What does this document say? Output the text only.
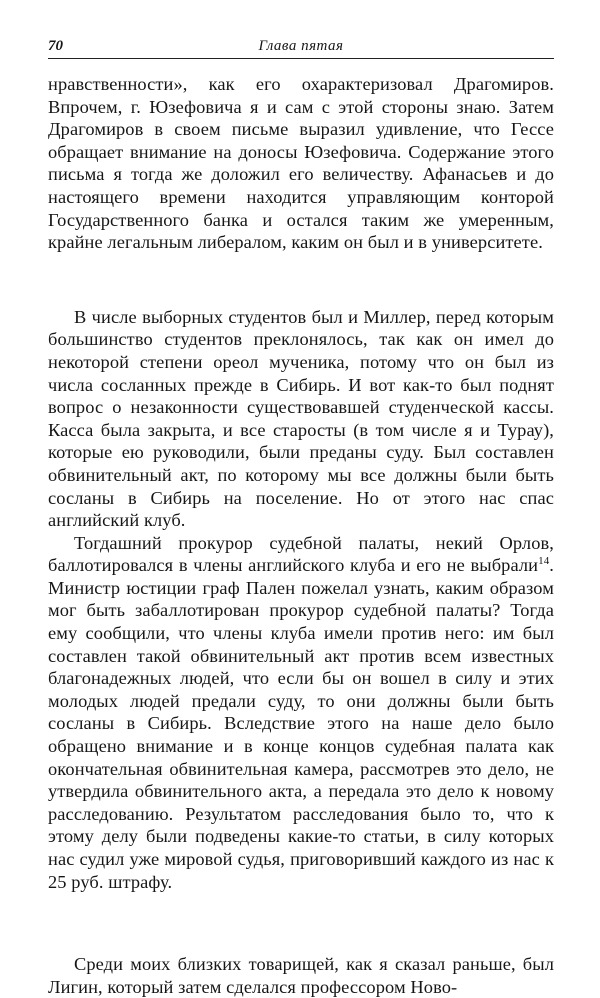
70	Глава пятая

нравственности», как его охарактеризовал Драгомиров. Впрочем, г. Юзефовича я и сам с этой стороны знаю. Затем Драгомиров в своем письме выразил удивление, что Гессе обращает внимание на доносы Юзефовича. Содержание этого письма я тогда же доложил его величеству. Афанасьев и до настоящего времени находится управляющим конторой Государственного банка и остался таким же умеренным, крайне легальным либералом, каким он был и в университете.

В числе выборных студентов был и Миллер, перед которым большинство студентов преклонялось, так как он имел до некоторой степени ореол мученика, потому что он был из числа сосланных прежде в Сибирь. И вот как-то был поднят вопрос о незаконности существовавшей студенческой кассы. Касса была закрыта, и все старосты (в том числе я и Турау), которые ею руководили, были преданы суду. Был составлен обвинительный акт, по которому мы все должны были быть сосланы в Сибирь на поселение. Но от этого нас спас английский клуб.

Тогдашний прокурор судебной палаты, некий Орлов, баллотировался в члены английского клуба и его не выбрали$^{14}$. Министр юстиции граф Пален пожелал узнать, каким образом мог быть забаллотирован прокурор судебной палаты? Тогда ему сообщили, что члены клуба имели против него: им был составлен такой обвинительный акт против всем известных благонадежных людей, что если бы он вошел в силу и этих молодых людей предали суду, то они должны были быть сосланы в Сибирь. Вследствие этого на наше дело было обращено внимание и в конце концов судебная палата как окончательная обвинительная камера, рассмотрев это дело, не утвердила обвинительного акта, а передала это дело к новому расследованию. Результатом расследования было то, что к этому делу были подведены какие-то статьи, в силу которых нас судил уже мировой судья, приговоривший каждого из нас к 25 руб. штрафу.

Среди моих близких товарищей, как я сказал раньше, был Лигин, который затем сделался профессором Ново-
